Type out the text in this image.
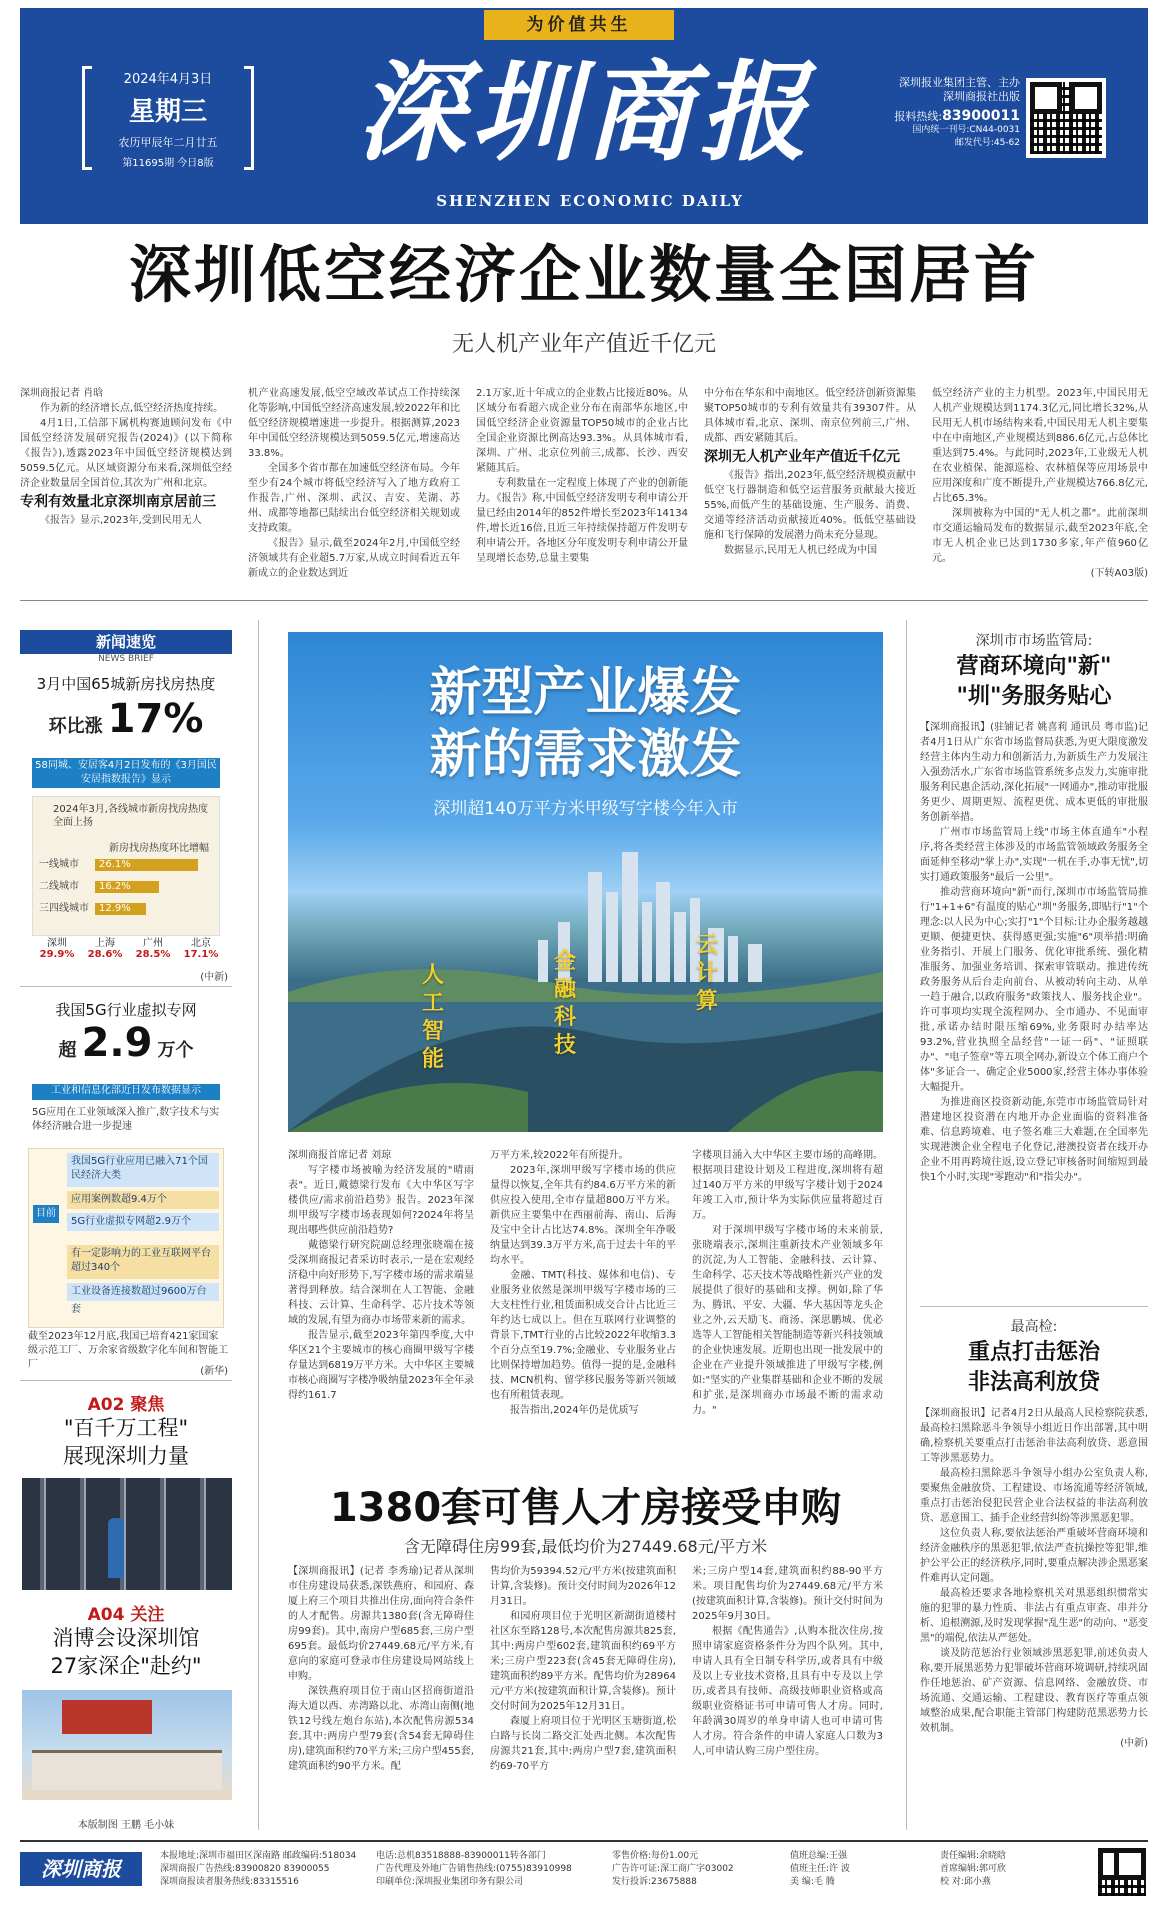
为价值共生
2024年4月3日
星期三
农历甲辰年二月廿五
第11695期 今日8版	深圳商报
SHENZHEN ECONOMIC DAILY
深圳报业集团主管、主办
深圳商报社出版
报料热线:83900011
国内统一刊号:CN44-0031
邮发代号:45-62
深圳低空经济企业数量全国居首
无人机产业年产值近千亿元

深圳商报记者 肖晗

作为新的经济增长点,低空经济热度持续。

4月1日,工信部下属机构赛迪顾问发布《中国低空经济发展研究报告(2024)》(以下简称《报告》),透露2023年中国低空经济规模达到5059.5亿元。从区域资源分布来看,深圳低空经济企业数量居全国首位,其次为广州和北京。

专利有效量北京深圳南京居前三

《报告》显示,2023年,受到民用无人

机产业高速发展,低空空域改革试点工作持续深化等影响,中国低空经济高速发展,较2022年和比低空经济规模增速进一步提升。根据测算,2023年中国低空经济规模达到5059.5亿元,增速高达33.8%。

全国多个省市都在加速低空经济布局。今年至少有24个城市将低空经济写入了地方政府工作报告,广州、深圳、武汉、吉安、芜湖、苏州、成都等地都已陆续出台低空经济相关规划或支持政策。

《报告》显示,截至2024年2月,中国低空经济领域共有企业超5.7万家,从成立时间看近五年新成立的企业数达到近

2.1万家,近十年成立的企业数占比接近80%。从区域分布看超六成企业分布在南部华东地区,中国低空经济企业资源量TOP50城市的企业占比全国企业资源比例高达93.3%。从具体城市看,深圳、广州、北京位列前三,成都、长沙、西安紧随其后。

专利数量在一定程度上体现了产业的创新能力。《报告》称,中国低空经济发明专利申请公开量已经由2014年的852件增长至2023年14134件,增长近16倍,且近三年持续保持超万件发明专利申请公开。各地区分年度发明专利申请公开量呈现增长态势,总量主要集

中分布在华东和中南地区。低空经济创新资源集聚TOP50城市的专利有效量共有39307件。从具体城市看,北京、深圳、南京位列前三,广州、成都、西安紧随其后。

深圳无人机产业年产值近千亿元

《报告》指出,2023年,低空经济规模贡献中低空飞行器制造和低空运营服务贡献最大接近55%,而低产生的基础设施、生产服务、消费、交通等经济活动贡献接近40%。低低空基础设施和飞行保障的发展潜力尚未充分显现。

数据显示,民用无人机已经成为中国

低空经济产业的主力机型。2023年,中国民用无人机产业规模达到1174.3亿元,同比增长32%,从民用无人机市场结构来看,中国民用无人机主要集中在中南地区,产业规模达到886.6亿元,占总体比重达到75.4%。与此同时,2023年,工业级无人机在农业植保、能源巡检、农林植保等应用场景中应用深度和广度不断提升,产业规模达766.8亿元,占比65.3%。

深圳被称为中国的"无人机之都"。此前深圳市交通运输局发布的数据显示,截至2023年底,全市无人机企业已达到1730多家,年产值960亿元。

(下转A03版)

新闻速览
NEWS BRIEF
3月中国65城新房找房热度
环比涨 17%
58同城、安居客4月2日发布的《3月国民安居指数报告》显示
2024年3月,各线城市新房找房热度全面上扬
新房找房热度环比增幅
一线城市	26.1%
二线城市	16.2%
三四线城市	12.9%
深圳
29.9%
上海
28.6%
广州
28.5%
北京
17.1%
(中新)
我国5G行业虚拟专网
超 2.9 万个
工业和信息化部近日发布数据显示
5G应用在工业领域深入推广,数字技术与实体经济融合进一步提速
目前
我国5G行业应用已融入71个国民经济大类
应用案例数超9.4万个
5G行业虚拟专网超2.9万个
有一定影响力的工业互联网平台超过340个
工业设备连接数超过9600万台套
截至2023年12月底,我国已培育421家国家级示范工厂、万余家省级数字化车间和智能工厂
(新华)
A02 聚焦
"百千万工程"
展现深圳力量
A04 关注
消博会设深圳馆
27家深企"赴约"
本版制图 王鹏 毛小妹
新型产业爆发
新的需求激发
深圳超140万平方米甲级写字楼今年入市
人工智能
金融科技
云计算

深圳商报首席记者 刘琼

写字楼市场被喻为经济发展的"晴雨表"。近日,戴德梁行发布《大中华区写字楼供应/需求前沿趋势》报告。2023年深圳甲级写字楼市场表现如何?2024年将呈现出哪些供应前沿趋势?

戴德梁行研究院副总经理张晓端在接受深圳商报记者采访时表示,一是在宏观经济稳中向好形势下,写字楼市场的需求端显著得到释放。结合深圳在人工智能、金融科技、云计算、生命科学、芯片技术等领域的发展,有望为商办市场带来新的需求。

报告显示,截至2023年第四季度,大中华区21个主要城市的核心商圈甲级写字楼存量达到6819万平方米。大中华区主要城市核心商圈写字楼净吸纳量2023年全年录得约161.7

万平方米,较2022年有所提升。

2023年,深圳甲级写字楼市场的供应量得以恢复,全年共有约84.6万平方米的新供应投入使用,全市存量超800万平方米。新供应主要集中在西丽前海、南山、后海及宝中全计占比达74.8%。深圳全年净吸纳量达到39.3万平方米,高于过去十年的平均水平。

金融、TMT(科技、媒体和电信)、专业服务业依然是深圳甲级写字楼市场的三大支柱性行业,租赁面积成交合计占比近三年约达七成以上。但在互联网行业调整的背景下,TMT行业的占比较2022年收缩3.3个百分点至19.7%;金融业、专业服务业占比则保持增加趋势。值得一提的是,金融科技、MCN机构、留学移民服务等新兴领域也有所租赁表现。

报告指出,2024年仍是优质写

字楼项目涌入大中华区主要市场的高峰期。根据项目建设计划及工程进度,深圳将有超过140万平方米的甲级写字楼计划于2024年竣工入市,预计华为实际供应量将超过百万。

对于深圳甲级写字楼市场的未来前景,张晓端表示,深圳注重新技术产业领域多年的沉淀,为人工智能、金融科技、云计算、生命科学、芯天技术等战略性新兴产业的发展提供了很好的基础和支撑。例如,除了华为、腾讯、平安、大疆、华大基因等龙头企业之外,云天励飞、商汤、深思鹏城、优必选等人工智能相关智能制造等新兴科技领域的企业快速发展。近期也出现一批发展中的企业在产业提升领域推进了甲级写字楼,例如:"坚实的产业集群基础和企业不断的发展和扩张,是深圳商办市场最不断的需求动力。"

1380套可售人才房接受申购
含无障碍住房99套,最低均价为27449.68元/平方米

【深圳商报讯】(记者 李秀瑜)记者从深圳市住房建设局获悉,深铁燕府、和园府、森厦上府三个项目共推出住房,面向符合条件的人才配售。房源共1380套(含无障碍住房99套)。其中,南房户型685套,三房户型695套。最低均价27449.68元/平方米,有意向的家庭可登录市住房建设局网站线上申购。

深铁燕府项目位于南山区招商街道沿海大道以西、赤湾路以北、赤湾山南侧(地铁12号线左炮台东站),本次配售房源534套,其中:两房户型79套(含54套无障碍住房),建筑面积约70平方米;三房户型455套,建筑面积约90平方米。配

售均价为59394.52元/平方米(按建筑面积计算,含装修)。预计交付时间为2026年12月31日。

和园府项目位于光明区新湖街道楼村社区东至路128号,本次配售房源共825套,其中:两房户型602套,建筑面积约69平方米;三房户型223套(含45套无障碍住房),建筑面积约89平方米。配售均价为28964元/平方米(按建筑面积计算,含装修)。预计交付时间为2025年12月31日。

森厦上府项目位于光明区玉塘街道,松白路与长岗二路交汇处西北侧。本次配售房源共21套,其中:两房户型7套,建筑面积约69-70平方

米;三房户型14套,建筑面积约88-90平方米。项目配售均价为27449.68元/平方米(按建筑面积计算,含装修)。预计交付时间为2025年9月30日。

根据《配售通告》,认购本批次住房,按照申请家庭资格条件分为四个队列。其中,申请人具有全日制专科学历,或者具有中级及以上专业技术资格,且具有中专及以上学历,或者具有技师、高级技师职业资格或高级职业资格证书可申请可售人才房。同时,年龄满30周岁的单身申请人也可申请可售人才房。符合条件的申请人家庭人口数为3人,可申请认购三房户型住房。

深圳市市场监管局:
营商环境向"新"
"圳"务服务贴心

【深圳商报讯】(驻铺记者 姚喜莉 通讯员 粤市监)记者4月1日从广东省市场监督局获悉,为更大限度激发经营主体内生动力和创新活力,为新质生产力发展注入强劲活水,广东省市场监管系统多点发力,实施审批服务利民惠企活动,深化拓展"一网通办",推动审批服务更少、周期更短、流程更优、成本更低的审批服务创新举措。

广州市市场监管局上线"市场主体直通车"小程序,将各类经营主体涉及的市场监管领域政务服务全面延伸至移动"掌上办",实现"一机在手,办事无忧",切实打通政策服务"最后一公里"。

推动营商环境向"新"而行,深圳市市场监管局推行"1+1+6"有温度的贴心"圳"务服务,即贴行"1"个理念:以人民为中心;实打"1"个目标:让办企服务越越更顺、便捷更快、获得感更强;实施"6"项举措:明确业务指引、开展上门服务、优化审批系统、强化精准服务、加强业务培训、探索审管联动。推进传统政务服务从后台走向前台、从被动转向主动、从单一趋于融合,以政府服务"政策找人、服务找企业"。许可事项均实现全流程网办、全市通办、不见面审批,承诺办结时限压缩69%,业务限时办结率达93.2%,营业执照全品经营"一证一码"、"证照联办"、"电子签章"等五项全网办,新设立个体工商户个体"多证合一、确定企业5000家,经营主体办事体验大幅提升。

为推进商区投资新动能,东莞市市场监管局针对潜建地区投资潜在内地开办企业面临的资料准备难、信息跨境难、电子签名难三大难题,在全国率先实现港澳企业全程电子化登记,港澳投资者在线开办企业不用再跨境往返,设立登记审核备时间缩短到最快1个小时,实现"零跑动"和"指尖办"。

最高检:
重点打击惩治
非法高利放贷

【深圳商报讯】记者4月2日从最高人民检察院获悉,最高检扫黑除恶斗争领导小组近日作出部署,其中明确,检察机关要重点打击惩治非法高利放贷、恶意围工等涉黑恶势力。

最高检扫黑除恶斗争领导小组办公室负责人称,要聚焦金融放贷、工程建设、市场流通等经济领域,重点打击惩治侵犯民营企业合法权益的非法高利放贷、恶意围工、插手企业经营纠纷等涉黑恶犯罪。

这位负责人称,要依法惩治严重破坏营商环境和经济金融秩序的黑恶犯罪,依法严查抗操控等犯罪,维护公平公正的经济秩序,同时,要重点解决涉企黑恶案件难再认定问题。

最高检还要求各地检察机关对黑恶组织惯常实施的犯罪的暴力性质、非法占有重点审查、串并分析、追根溯源,及时发现掌握"乱生恶"的动向、"恶变黑"的端倪,依法从严惩处。

谈及防范惩治行业领域涉黑恶犯罪,前述负责人称,要开展黑恶势力犯罪破坏营商环境调研,持续巩固作任地惩治、矿产资源、信息网络、金融放贷、市场流通、交通运输、工程建设、教育医疗等重点领域整治成果,配合职能主管部门构建防范黑恶势力长效机制。

(中新)

深圳商报
本报地址:深圳市福田区深南路 邮政编码:518034
深圳商报广告热线:83900820 83900055
深圳商报读者服务热线:83315516
电话:总机83518888-83900011转各部门
广告代理及外地广告销售热线:(0755)83910998
印刷单位:深圳报业集团印务有限公司
零售价格:每份1.00元
广告许可证:深工商广字03002
发行投诉:23675888
值班总编:王强
值班主任:许 波
美 编:毛 腾
责任编辑:余晓晗
首席编辑:郭可欣
校 对:邱小燕
